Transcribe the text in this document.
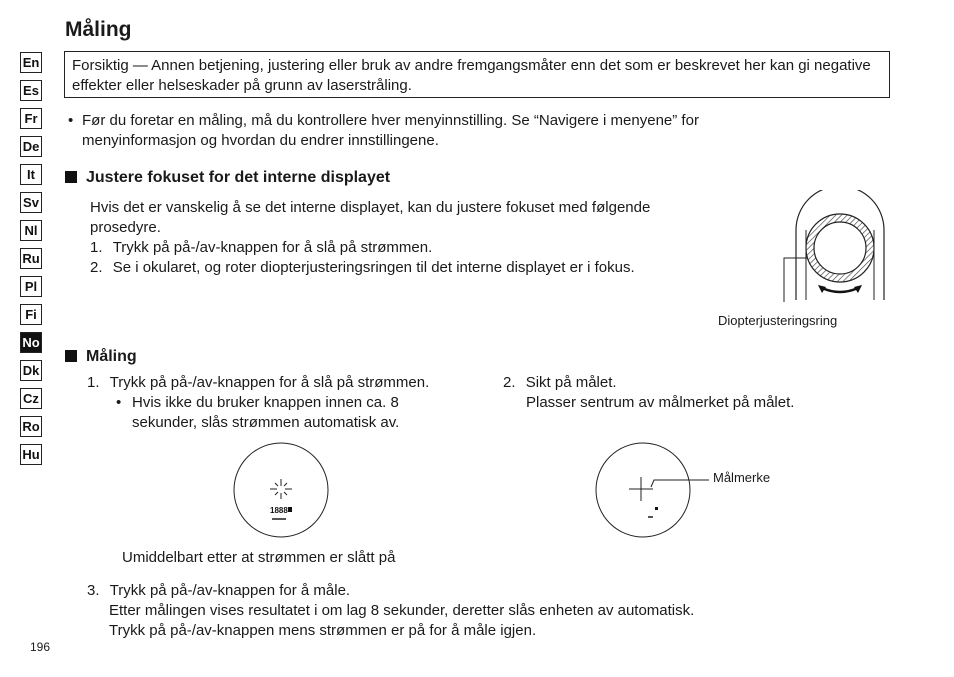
Måling
En
Es
Fr
De
It
Sv
Nl
Ru
Pl
Fi
No
Dk
Cz
Ro
Hu
Forsiktig — Annen betjening, justering eller bruk av andre fremgangsmåter enn det som er beskrevet her kan gi negative effekter eller helseskader på grunn av laserstråling.
• Før du foretar en måling, må du kontrollere hver menyinnstilling. Se “Navigere i menyene” for menyinformasjon og hvordan du endrer innstillingene.
Justere fokuset for det interne displayet
Hvis det er vanskelig å se det interne displayet, kan du justere fokuset med følgende prosedyre.
1. Trykk på på-/av-knappen for å slå på strømmen.
2. Se i okularet, og roter diopterjusteringsringen til det interne displayet er i fokus.
Diopterjusteringsring
Måling
1. Trykk på på-/av-knappen for å slå på strømmen.
• Hvis ikke du bruker knappen innen ca. 8 sekunder, slås strømmen automatisk av.
2. Sikt på målet.
Plasser sentrum av målmerket på målet.
1888
Umiddelbart etter at strømmen er slått på
Målmerke
3. Trykk på på-/av-knappen for å måle.
Etter målingen vises resultatet i om lag 8 sekunder, deretter slås enheten av automatisk.
Trykk på på-/av-knappen mens strømmen er på for å måle igjen.
196
